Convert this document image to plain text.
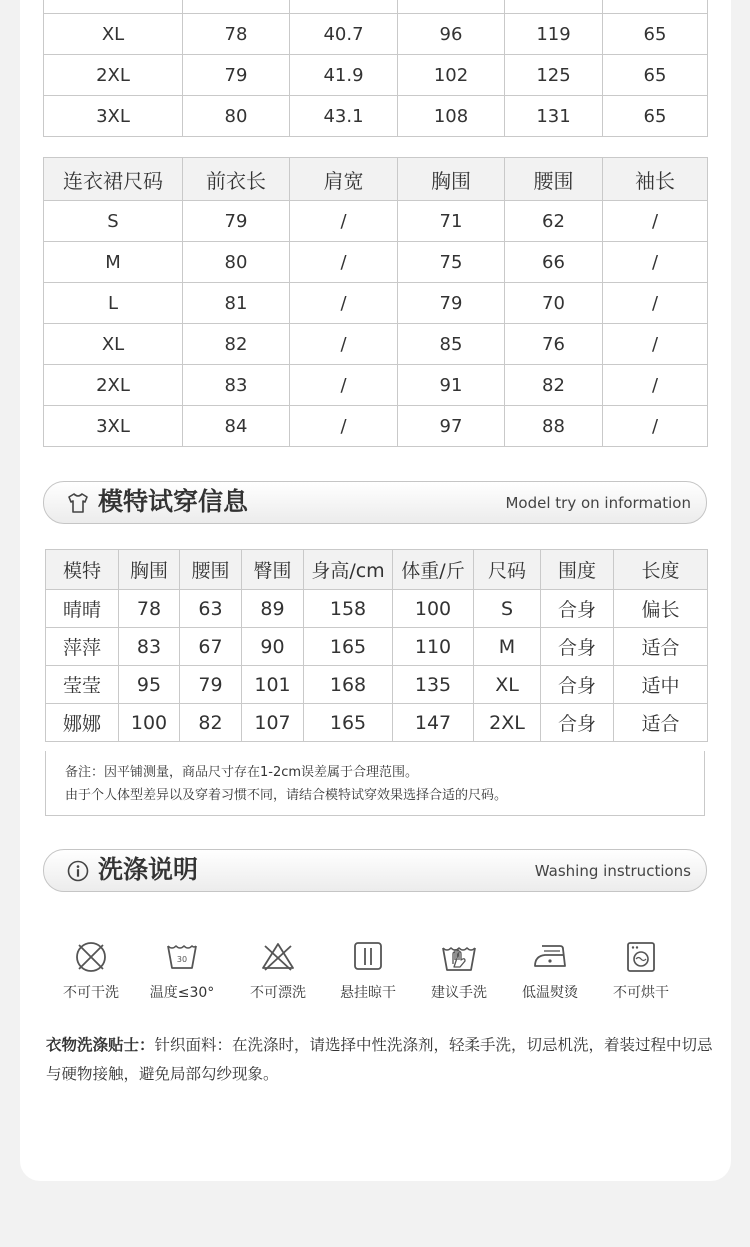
XL	78	40.7	96	119	65
2XL	79	41.9	102	125	65
3XL	80	43.1	108	131	65
连衣裙尺码	前衣长	肩宽	胸围	腰围	袖长
S	79	/	71	62	/
M	80	/	75	66	/
L	81	/	79	70	/
XL	82	/	85	76	/
2XL	83	/	91	82	/
3XL	84	/	97	88	/
模特试穿信息	Model try on information
模特	胸围	腰围	臀围	身高/cm	体重/斤	尺码	围度	长度
晴晴	78	63	89	158	100	S	合身	偏长
萍萍	83	67	90	165	110	M	合身	适合
莹莹	95	79	101	168	135	XL	合身	适中
娜娜	100	82	107	165	147	2XL	合身	适合
备注：因平铺测量，商品尺寸存在1-2cm误差属于合理范围。
由于个人体型差异以及穿着习惯不同，请结合模特试穿效果选择合适的尺码。
洗涤说明	Washing instructions
不可干洗
30
温度≤30°	不可漂洗	悬挂晾干	建议手洗	低温熨烫	不可烘干
衣物洗涤贴士：针织面料：在洗涤时，请选择中性洗涤剂，轻柔手洗，切忌机洗，着装过程中切忌与硬物接触，避免局部勾纱现象。
